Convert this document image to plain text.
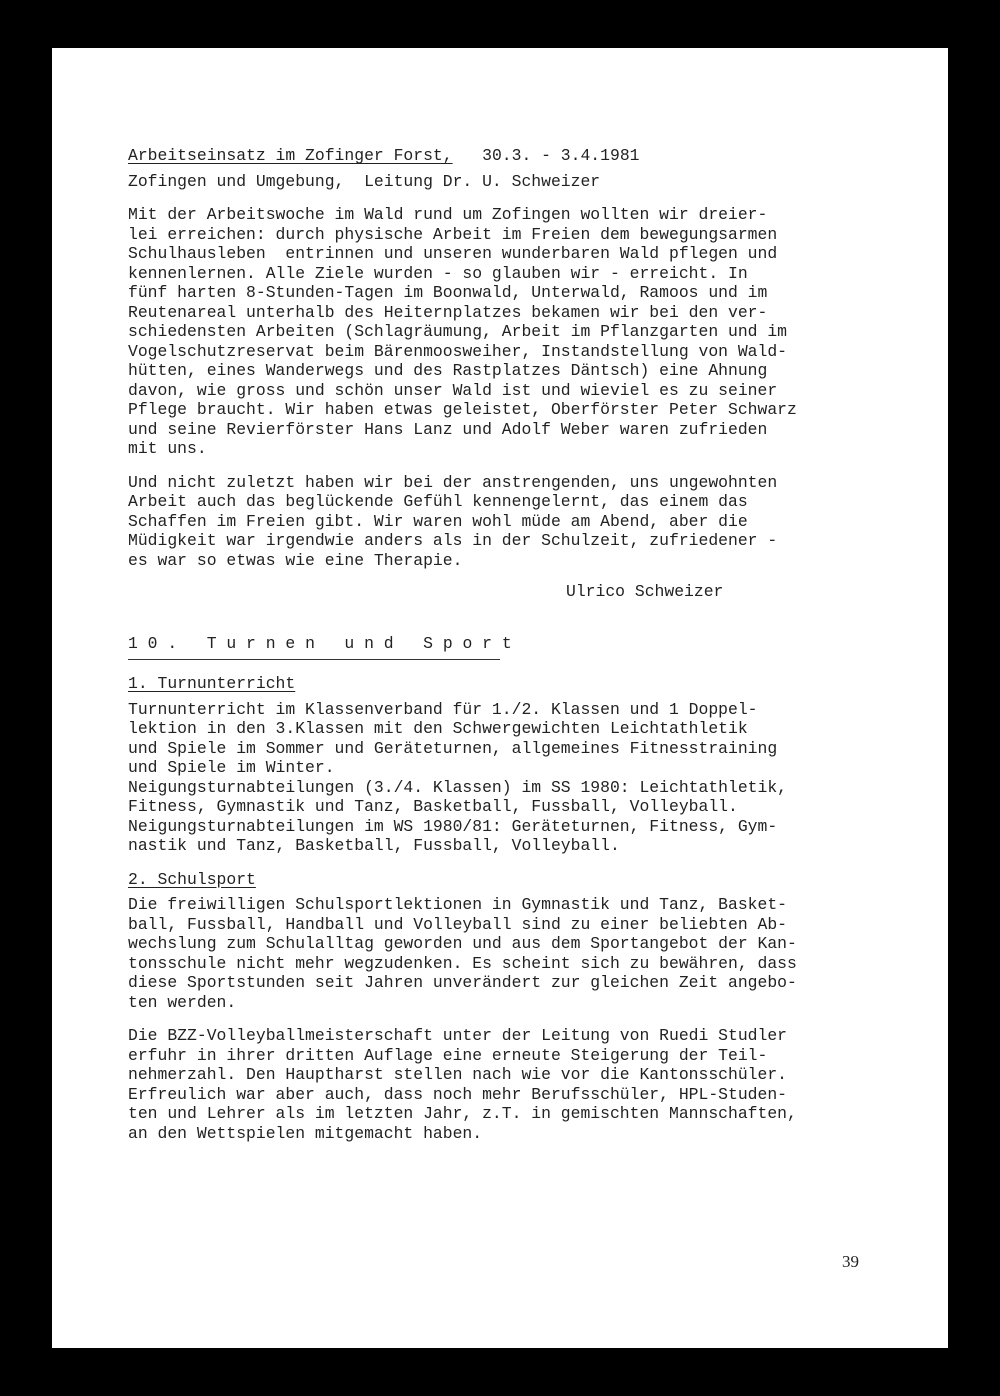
Arbeitseinsatz im Zofinger Forst, 30.3. - 3.4.1981
Zofingen und Umgebung,  Leitung Dr. U. Schweizer
Mit der Arbeitswoche im Wald rund um Zofingen wollten wir dreier-
lei erreichen: durch physische Arbeit im Freien dem bewegungsarmen
Schulhausleben  entrinnen und unseren wunderbaren Wald pflegen und
kennenlernen. Alle Ziele wurden - so glauben wir - erreicht. In
fünf harten 8-Stunden-Tagen im Boonwald, Unterwald, Ramoos und im
Reutenareal unterhalb des Heiternplatzes bekamen wir bei den ver-
schiedensten Arbeiten (Schlagräumung, Arbeit im Pflanzgarten und im
Vogelschutzreservat beim Bärenmoosweiher, Instandstellung von Wald-
hütten, eines Wanderwegs und des Rastplatzes Däntsch) eine Ahnung
davon, wie gross und schön unser Wald ist und wieviel es zu seiner
Pflege braucht. Wir haben etwas geleistet, Oberförster Peter Schwarz
und seine Revierförster Hans Lanz und Adolf Weber waren zufrieden
mit uns.
Und nicht zuletzt haben wir bei der anstrengenden, uns ungewohnten
Arbeit auch das beglückende Gefühl kennengelernt, das einem das
Schaffen im Freien gibt. Wir waren wohl müde am Abend, aber die
Müdigkeit war irgendwie anders als in der Schulzeit, zufriedener -
es war so etwas wie eine Therapie.
Ulrico Schweizer
10. Turnen und Sport
1. Turnunterricht
Turnunterricht im Klassenverband für 1./2. Klassen und 1 Doppel-
lektion in den 3.Klassen mit den Schwergewichten Leichtathletik
und Spiele im Sommer und Geräteturnen, allgemeines Fitnesstraining
und Spiele im Winter.
Neigungsturnabteilungen (3./4. Klassen) im SS 1980: Leichtathletik,
Fitness, Gymnastik und Tanz, Basketball, Fussball, Volleyball.
Neigungsturnabteilungen im WS 1980/81: Geräteturnen, Fitness, Gym-
nastik und Tanz, Basketball, Fussball, Volleyball.
2. Schulsport
Die freiwilligen Schulsportlektionen in Gymnastik und Tanz, Basket-
ball, Fussball, Handball und Volleyball sind zu einer beliebten Ab-
wechslung zum Schulalltag geworden und aus dem Sportangebot der Kan-
tonsschule nicht mehr wegzudenken. Es scheint sich zu bewähren, dass
diese Sportstunden seit Jahren unverändert zur gleichen Zeit angebo-
ten werden.
Die BZZ-Volleyballmeisterschaft unter der Leitung von Ruedi Studler
erfuhr in ihrer dritten Auflage eine erneute Steigerung der Teil-
nehmerzahl. Den Hauptharst stellen nach wie vor die Kantonsschüler.
Erfreulich war aber auch, dass noch mehr Berufsschüler, HPL-Studen-
ten und Lehrer als im letzten Jahr, z.T. in gemischten Mannschaften,
an den Wettspielen mitgemacht haben.
39
